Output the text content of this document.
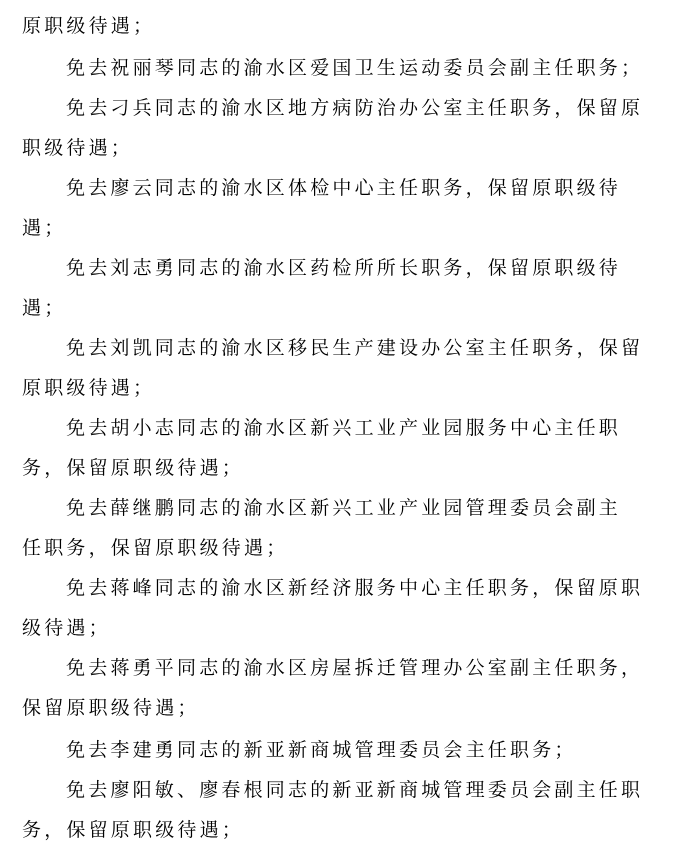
原职级待遇；
免去祝丽琴同志的渝水区爱国卫生运动委员会副主任职务；
免去刁兵同志的渝水区地方病防治办公室主任职务，保留原
职级待遇；
免去廖云同志的渝水区体检中心主任职务，保留原职级待
遇；
免去刘志勇同志的渝水区药检所所长职务，保留原职级待
遇；
免去刘凯同志的渝水区移民生产建设办公室主任职务，保留
原职级待遇；
免去胡小志同志的渝水区新兴工业产业园服务中心主任职
务，保留原职级待遇；
免去薛继鹏同志的渝水区新兴工业产业园管理委员会副主
任职务，保留原职级待遇；
免去蒋峰同志的渝水区新经济服务中心主任职务，保留原职
级待遇；
免去蒋勇平同志的渝水区房屋拆迁管理办公室副主任职务，
保留原职级待遇；
免去李建勇同志的新亚新商城管理委员会主任职务；
免去廖阳敏、廖春根同志的新亚新商城管理委员会副主任职
务，保留原职级待遇；
